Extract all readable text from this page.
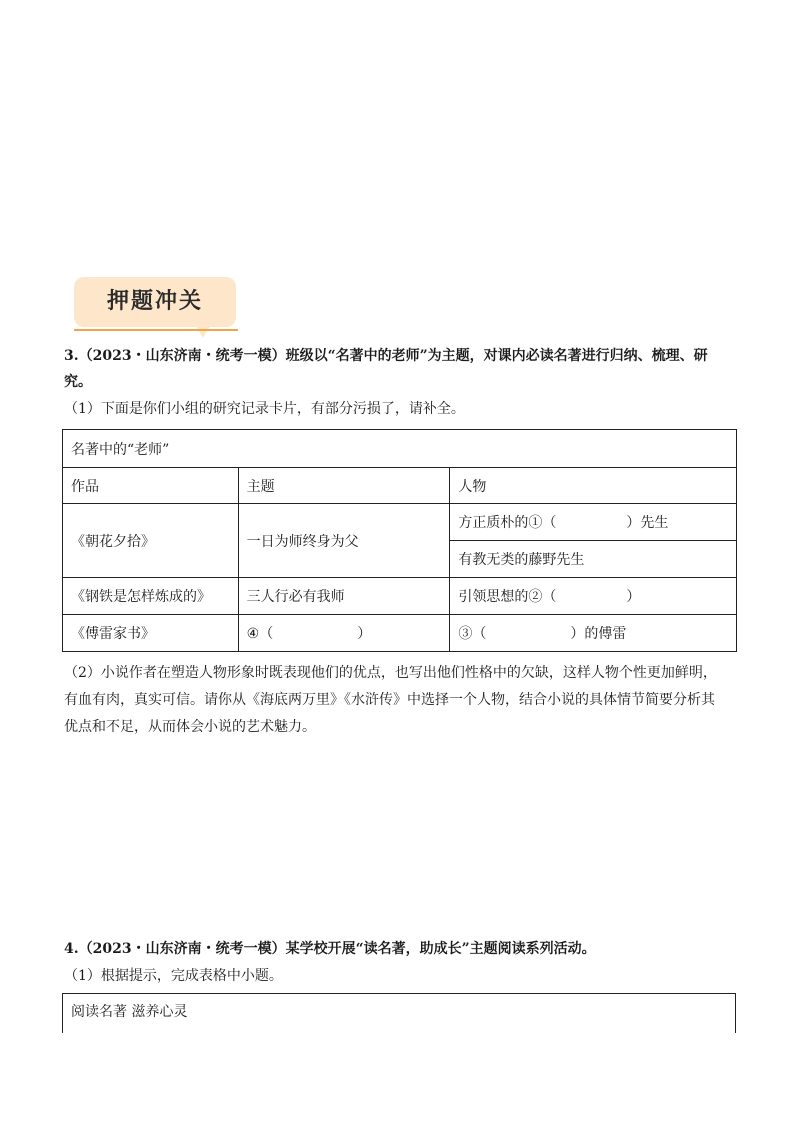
押题冲关

3.（2023・山东济南・统考一模）班级以“名著中的老师”为主题，对课内必读名著进行归纳、梳理、研

究。

（1）下面是你们小组的研究记录卡片，有部分污损了，请补全。

名著中的“老师”		
作品	主题	人物
《朝花夕拾》	一日为师终身为父	方正质朴的①（　　　　　）先生
		有教无类的藤野先生
《钢铁是怎样炼成的》	三人行必有我师	引领思想的②（　　　　　）
《傅雷家书》	④（　　　　　　）	③（　　　　　　）的傅雷

（2）小说作者在塑造人物形象时既表现他们的优点，也写出他们性格中的欠缺，这样人物个性更加鲜明，

有血有肉，真实可信。请你从《海底两万里》《水浒传》中选择一个人物，结合小说的具体情节简要分析其

优点和不足，从而体会小说的艺术魅力。

4.（2023・山东济南・统考一模）某学校开展“读名著，助成长”主题阅读系列活动。

（1）根据提示，完成表格中小题。

阅读名著 滋养心灵
